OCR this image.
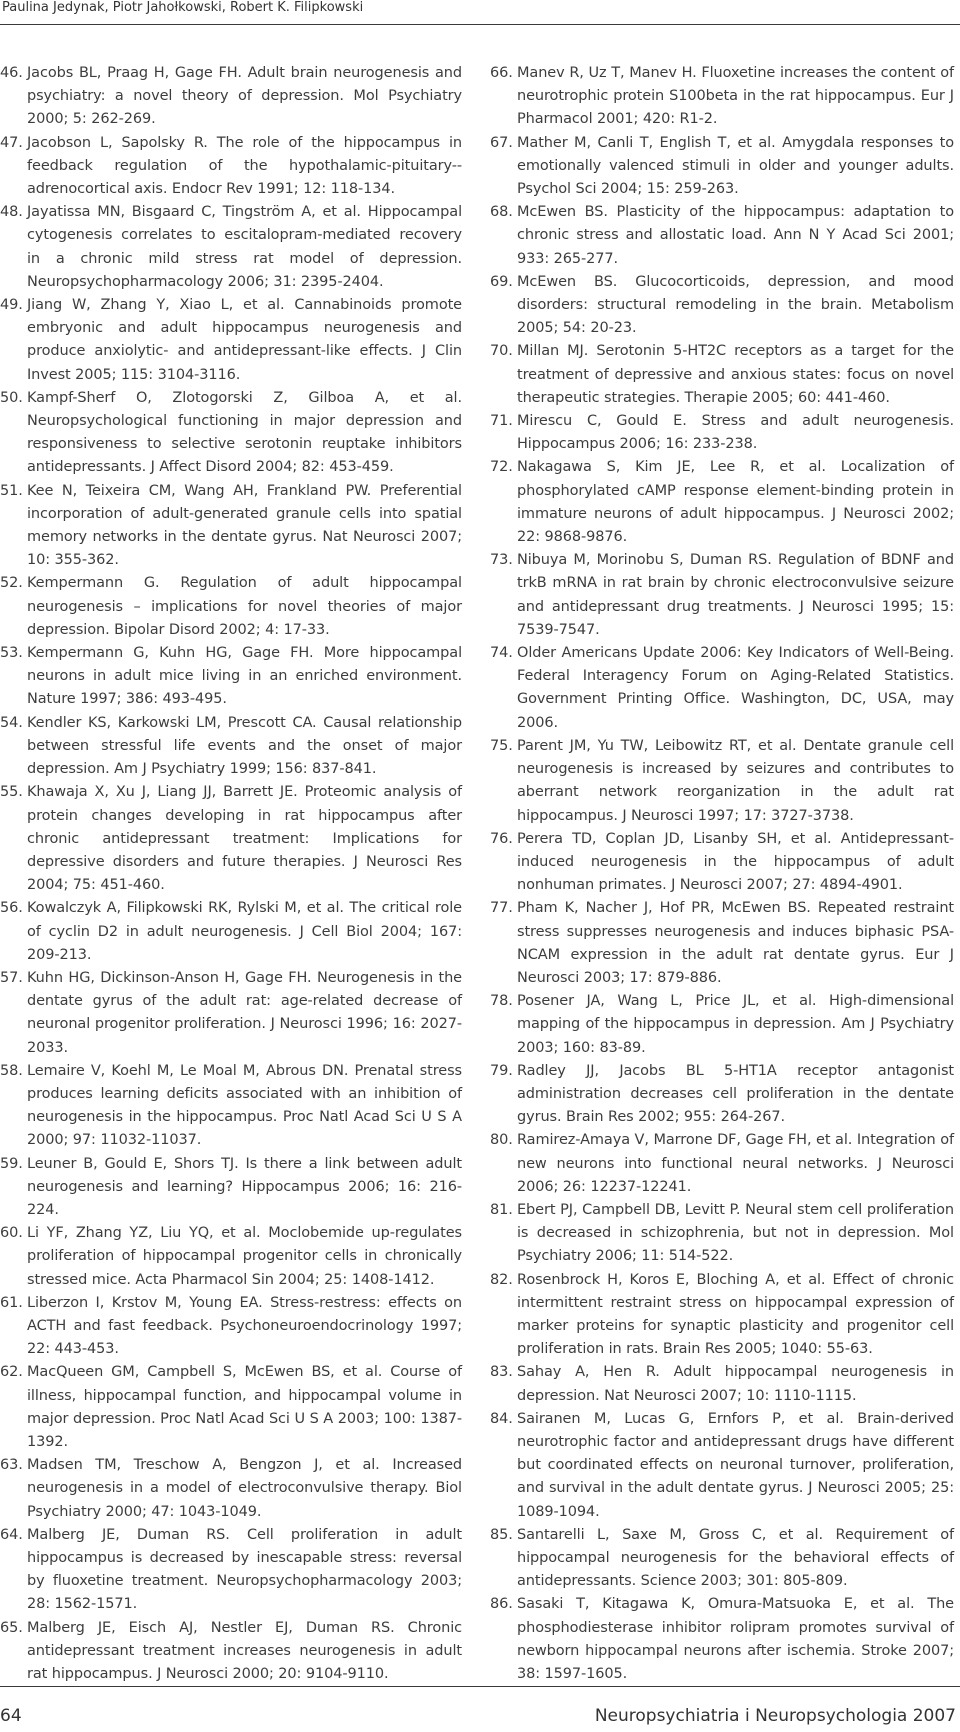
Paulina Jedynak, Piotr Jahołkowski, Robert K. Filipkowski
46. Jacobs BL, Praag H, Gage FH. Adult brain neurogenesis and psychiatry: a novel theory of depression. Mol Psychiatry 2000; 5: 262-269.
47. Jacobson L, Sapolsky R. The role of the hippocampus in feedback regulation of the hypothalamic-pituitary--adrenocortical axis. Endocr Rev 1991; 12: 118-134.
48. Jayatissa MN, Bisgaard C, Tingström A, et al. Hippocampal cytogenesis correlates to escitalopram-mediated recovery in a chronic mild stress rat model of depression. Neuropsychopharmacology 2006; 31: 2395-2404.
49. Jiang W, Zhang Y, Xiao L, et al. Cannabinoids promote embryonic and adult hippocampus neurogenesis and produce anxiolytic- and antidepressant-like effects. J Clin Invest 2005; 115: 3104-3116.
50. Kampf-Sherf O, Zlotogorski Z, Gilboa A, et al. Neuropsychological functioning in major depression and responsiveness to selective serotonin reuptake inhibitors antidepressants. J Affect Disord 2004; 82: 453-459.
51. Kee N, Teixeira CM, Wang AH, Frankland PW. Preferential incorporation of adult-generated granule cells into spatial memory networks in the dentate gyrus. Nat Neurosci 2007; 10: 355-362.
52. Kempermann G. Regulation of adult hippocampal neurogenesis – implications for novel theories of major depression. Bipolar Disord 2002; 4: 17-33.
53. Kempermann G, Kuhn HG, Gage FH. More hippocampal neurons in adult mice living in an enriched environment. Nature 1997; 386: 493-495.
54. Kendler KS, Karkowski LM, Prescott CA. Causal relationship between stressful life events and the onset of major depression. Am J Psychiatry 1999; 156: 837-841.
55. Khawaja X, Xu J, Liang JJ, Barrett JE. Proteomic analysis of protein changes developing in rat hippocampus after chronic antidepressant treatment: Implications for depressive disorders and future therapies. J Neurosci Res 2004; 75: 451-460.
56. Kowalczyk A, Filipkowski RK, Rylski M, et al. The critical role of cyclin D2 in adult neurogenesis. J Cell Biol 2004; 167: 209-213.
57. Kuhn HG, Dickinson-Anson H, Gage FH. Neurogenesis in the dentate gyrus of the adult rat: age-related decrease of neuronal progenitor proliferation. J Neurosci 1996; 16: 2027-2033.
58. Lemaire V, Koehl M, Le Moal M, Abrous DN. Prenatal stress produces learning deficits associated with an inhibition of neurogenesis in the hippocampus. Proc Natl Acad Sci U S A 2000; 97: 11032-11037.
59. Leuner B, Gould E, Shors TJ. Is there a link between adult neurogenesis and learning? Hippocampus 2006; 16: 216-224.
60. Li YF, Zhang YZ, Liu YQ, et al. Moclobemide up-regulates proliferation of hippocampal progenitor cells in chronically stressed mice. Acta Pharmacol Sin 2004; 25: 1408-1412.
61. Liberzon I, Krstov M, Young EA. Stress-restress: effects on ACTH and fast feedback. Psychoneuroendocrinology 1997; 22: 443-453.
62. MacQueen GM, Campbell S, McEwen BS, et al. Course of illness, hippocampal function, and hippocampal volume in major depression. Proc Natl Acad Sci U S A 2003; 100: 1387-1392.
63. Madsen TM, Treschow A, Bengzon J, et al. Increased neurogenesis in a model of electroconvulsive therapy. Biol Psychiatry 2000; 47: 1043-1049.
64. Malberg JE, Duman RS. Cell proliferation in adult hippocampus is decreased by inescapable stress: reversal by fluoxetine treatment. Neuropsychopharmacology 2003; 28: 1562-1571.
65. Malberg JE, Eisch AJ, Nestler EJ, Duman RS. Chronic antidepressant treatment increases neurogenesis in adult rat hippocampus. J Neurosci 2000; 20: 9104-9110.
66. Manev R, Uz T, Manev H. Fluoxetine increases the content of neurotrophic protein S100beta in the rat hippocampus. Eur J Pharmacol 2001; 420: R1-2.
67. Mather M, Canli T, English T, et al. Amygdala responses to emotionally valenced stimuli in older and younger adults. Psychol Sci 2004; 15: 259-263.
68. McEwen BS. Plasticity of the hippocampus: adaptation to chronic stress and allostatic load. Ann N Y Acad Sci 2001; 933: 265-277.
69. McEwen BS. Glucocorticoids, depression, and mood disorders: structural remodeling in the brain. Metabolism 2005; 54: 20-23.
70. Millan MJ. Serotonin 5-HT2C receptors as a target for the treatment of depressive and anxious states: focus on novel therapeutic strategies. Therapie 2005; 60: 441-460.
71. Mirescu C, Gould E. Stress and adult neurogenesis. Hippocampus 2006; 16: 233-238.
72. Nakagawa S, Kim JE, Lee R, et al. Localization of phosphorylated cAMP response element-binding protein in immature neurons of adult hippocampus. J Neurosci 2002; 22: 9868-9876.
73. Nibuya M, Morinobu S, Duman RS. Regulation of BDNF and trkB mRNA in rat brain by chronic electroconvulsive seizure and antidepressant drug treatments. J Neurosci 1995; 15: 7539-7547.
74. Older Americans Update 2006: Key Indicators of Well-Being. Federal Interagency Forum on Aging-Related Statistics. Government Printing Office. Washington, DC, USA, may 2006.
75. Parent JM, Yu TW, Leibowitz RT, et al. Dentate granule cell neurogenesis is increased by seizures and contributes to aberrant network reorganization in the adult rat hippocampus. J Neurosci 1997; 17: 3727-3738.
76. Perera TD, Coplan JD, Lisanby SH, et al. Antidepressant-induced neurogenesis in the hippocampus of adult nonhuman primates. J Neurosci 2007; 27: 4894-4901.
77. Pham K, Nacher J, Hof PR, McEwen BS. Repeated restraint stress suppresses neurogenesis and induces biphasic PSA-NCAM expression in the adult rat dentate gyrus. Eur J Neurosci 2003; 17: 879-886.
78. Posener JA, Wang L, Price JL, et al. High-dimensional mapping of the hippocampus in depression. Am J Psychiatry 2003; 160: 83-89.
79. Radley JJ, Jacobs BL 5-HT1A receptor antagonist administration decreases cell proliferation in the dentate gyrus. Brain Res 2002; 955: 264-267.
80. Ramirez-Amaya V, Marrone DF, Gage FH, et al. Integration of new neurons into functional neural networks. J Neurosci 2006; 26: 12237-12241.
81. Ebert PJ, Campbell DB, Levitt P. Neural stem cell proliferation is decreased in schizophrenia, but not in depression. Mol Psychiatry 2006; 11: 514-522.
82. Rosenbrock H, Koros E, Bloching A, et al. Effect of chronic intermittent restraint stress on hippocampal expression of marker proteins for synaptic plasticity and progenitor cell proliferation in rats. Brain Res 2005; 1040: 55-63.
83. Sahay A, Hen R. Adult hippocampal neurogenesis in depression. Nat Neurosci 2007; 10: 1110-1115.
84. Sairanen M, Lucas G, Ernfors P, et al. Brain-derived neurotrophic factor and antidepressant drugs have different but coordinated effects on neuronal turnover, proliferation, and survival in the adult dentate gyrus. J Neurosci 2005; 25: 1089-1094.
85. Santarelli L, Saxe M, Gross C, et al. Requirement of hippocampal neurogenesis for the behavioral effects of antidepressants. Science 2003; 301: 805-809.
86. Sasaki T, Kitagawa K, Omura-Matsuoka E, et al. The phosphodiesterase inhibitor rolipram promotes survival of newborn hippocampal neurons after ischemia. Stroke 2007; 38: 1597-1605.
64	Neuropsychiatria i Neuropsychologia 2007
